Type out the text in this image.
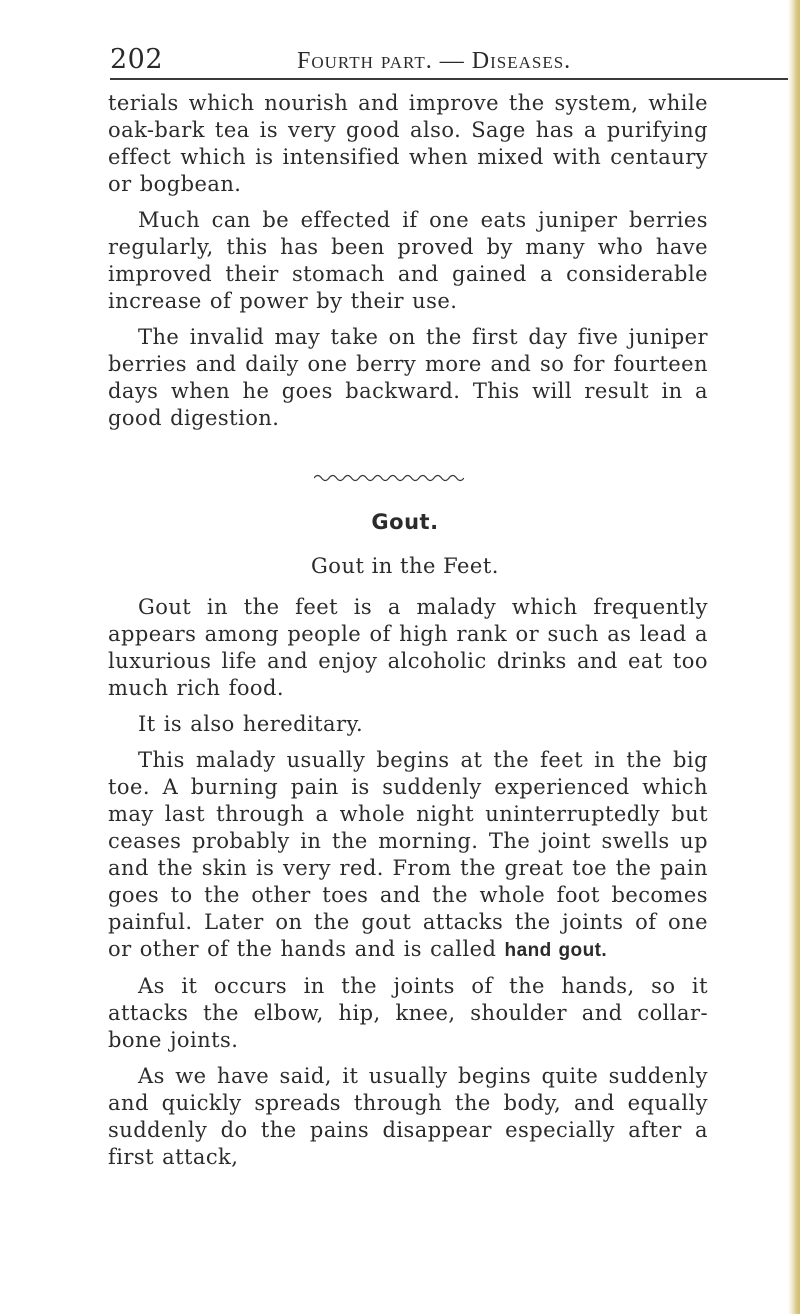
202	Fourth part. — Diseases.

terials which nourish and improve the system, while oak-bark tea is very good also. Sage has a purifying effect which is intensified when mixed with centaury or bogbean.

Much can be effected if one eats juniper berries regularly, this has been proved by many who have improved their stomach and gained a considerable increase of power by their use.

The invalid may take on the first day five juniper berries and daily one berry more and so for fourteen days when he goes backward. This will result in a good digestion.

Gout.
Gout in the Feet.

Gout in the feet is a malady which frequently appears among people of high rank or such as lead a luxurious life and enjoy alcoholic drinks and eat too much rich food.

It is also hereditary.

This malady usually begins at the feet in the big toe. A burning pain is suddenly experienced which may last through a whole night uninterruptedly but ceases probably in the morning. The joint swells up and the skin is very red. From the great toe the pain goes to the other toes and the whole foot becomes painful. Later on the gout attacks the joints of one or other of the hands and is called hand gout.

As it occurs in the joints of the hands, so it attacks the elbow, hip, knee, shoulder and collar-bone joints.

As we have said, it usually begins quite suddenly and quickly spreads through the body, and equally suddenly do the pains disappear especially after a first attack,
